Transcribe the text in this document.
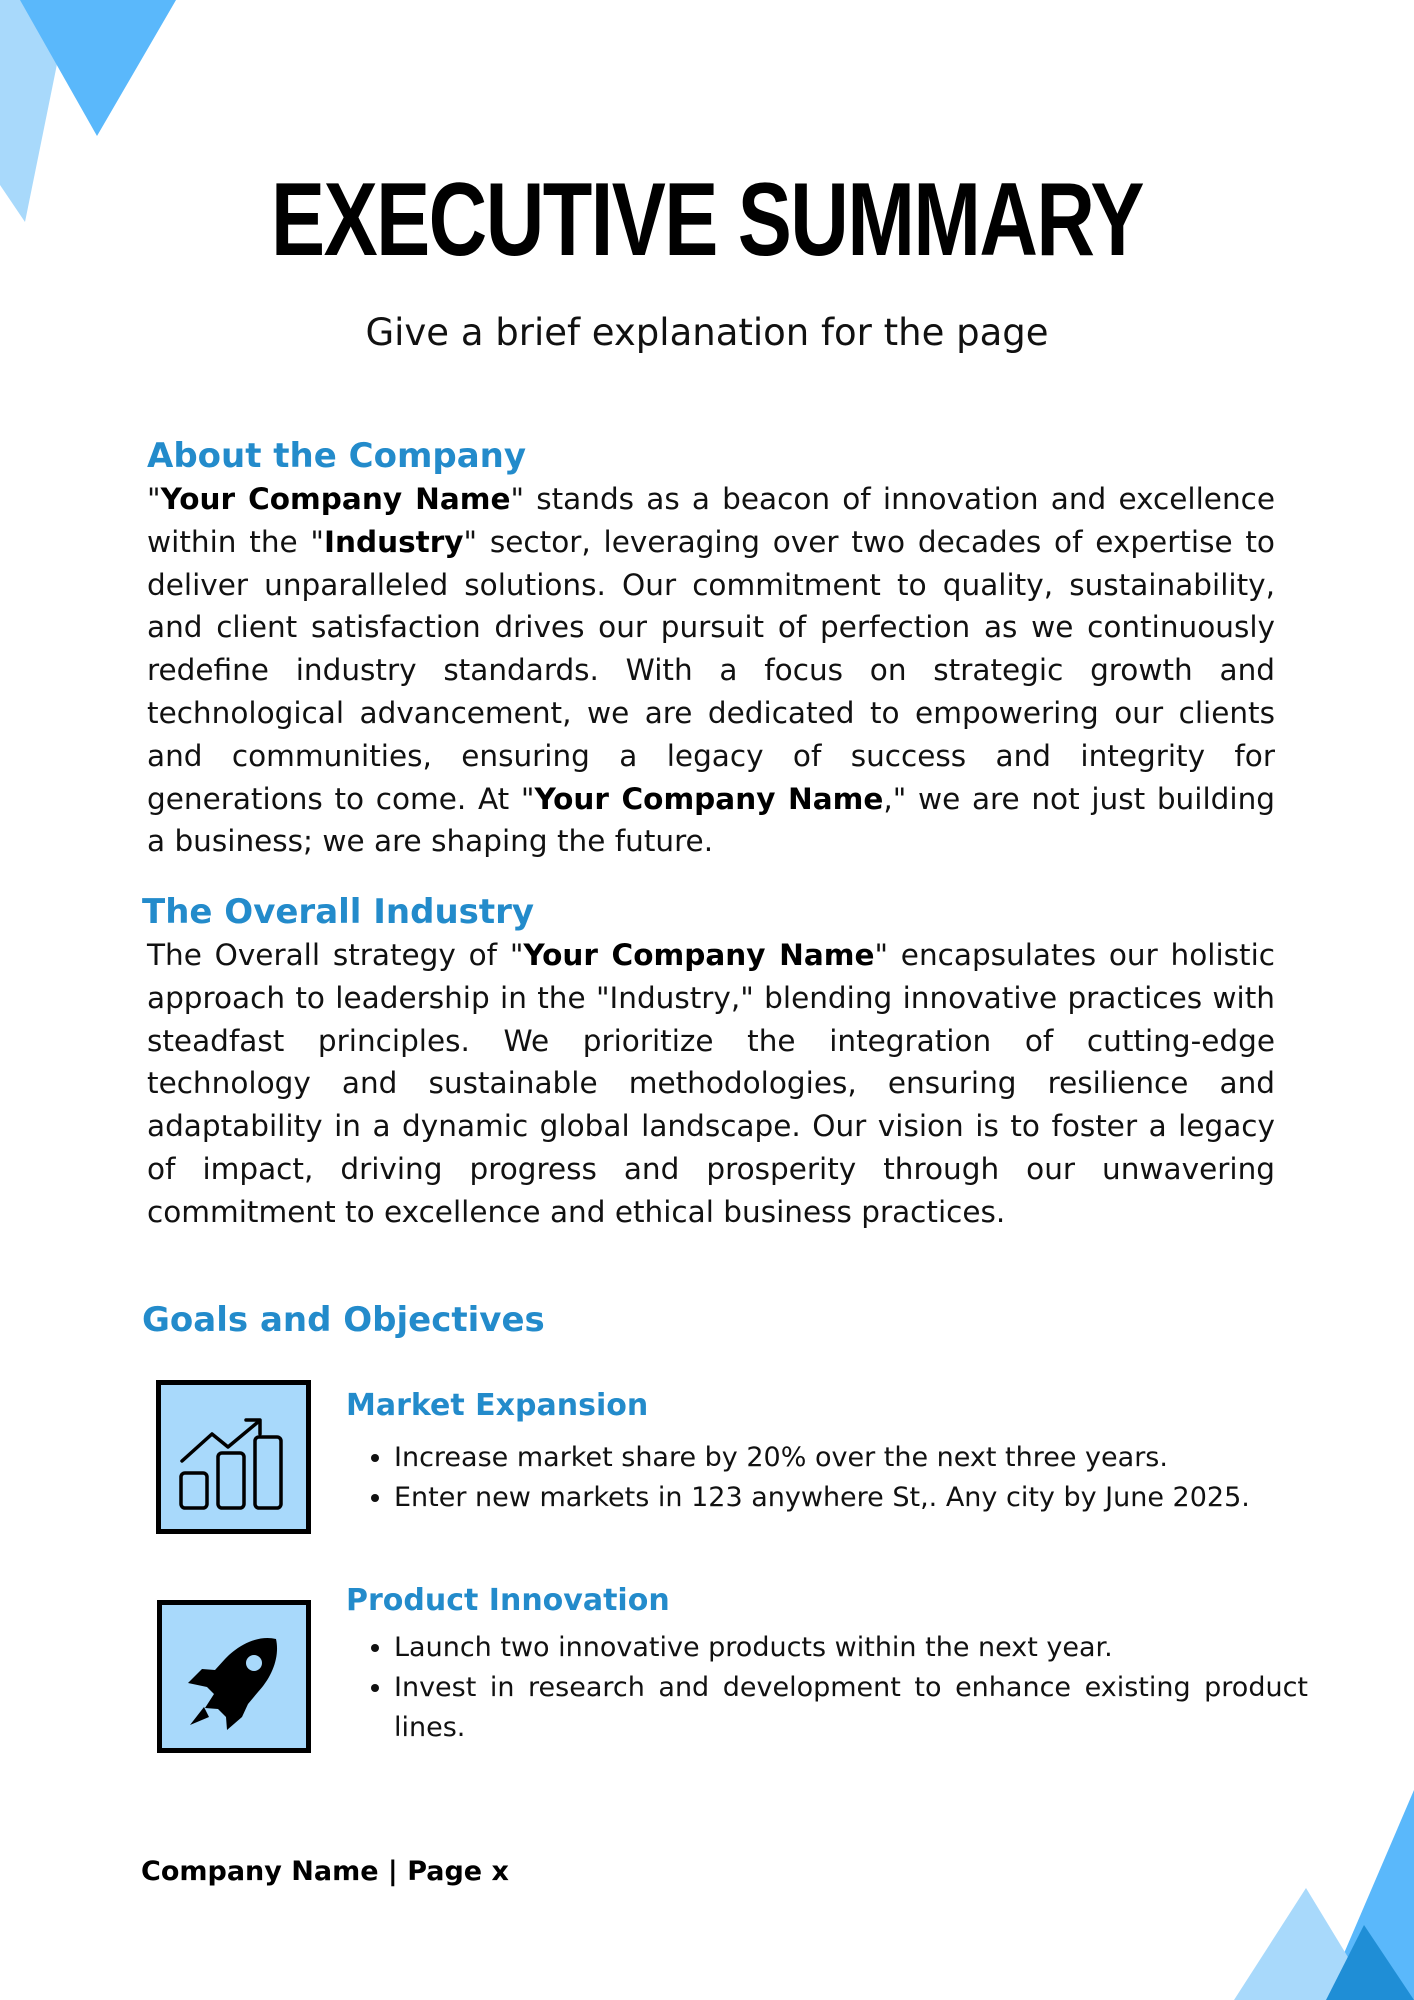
EXECUTIVE SUMMARY
Give a brief explanation for the page
About the Company
"Your Company Name" stands as a beacon of innovation and excellence within the "Industry" sector, leveraging over two decades of expertise to deliver unparalleled solutions. Our commitment to quality, sustainability, and client satisfaction drives our pursuit of perfection as we continuously redefine industry standards. With a focus on strategic growth and technological advancement, we are dedicated to empowering our clients and communities, ensuring a legacy of success and integrity for generations to come. At "Your Company Name," we are not just building a business; we are shaping the future.
The Overall Industry
The Overall strategy of "Your Company Name" encapsulates our holistic approach to leadership in the "Industry," blending innovative practices with steadfast principles. We prioritize the integration of cutting-edge technology and sustainable methodologies, ensuring resilience and adaptability in a dynamic global landscape. Our vision is to foster a legacy of impact, driving progress and prosperity through our unwavering commitment to excellence and ethical business practices.
Goals and Objectives
Market Expansion
• Increase market share by 20% over the next three years.
• Enter new markets in 123 anywhere St,. Any city by June 2025.
Product Innovation
• Launch two innovative products within the next year.
• Invest in research and development to enhance existing product lines.
Company Name | Page x
